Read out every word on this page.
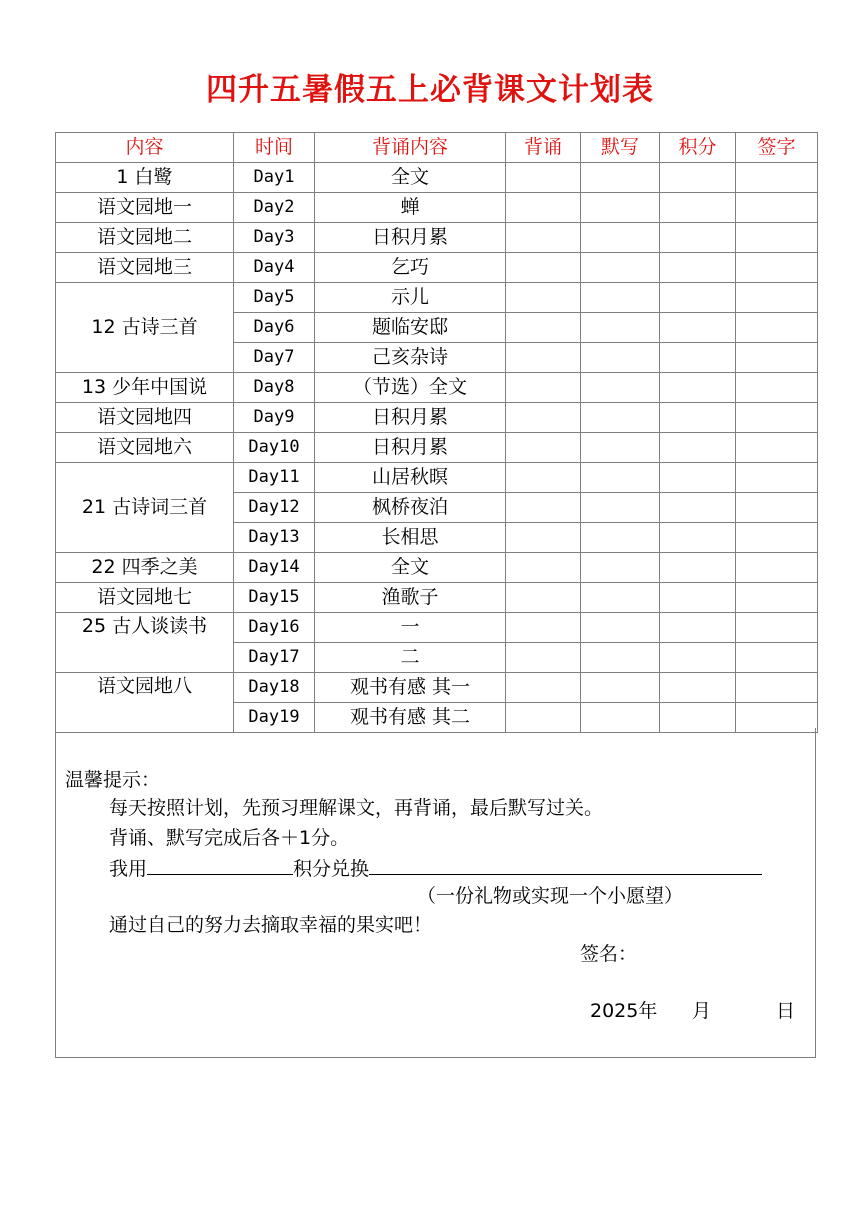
四升五暑假五上必背课文计划表
内容	时间	背诵内容	背诵	默写	积分	签字
1 白鹭	Day1	全文				
语文园地一	Day2	蝉				
语文园地二	Day3	日积月累				
语文园地三	Day4	乞巧				
12 古诗三首	Day5	示儿				
	Day6	题临安邸				
	Day7	己亥杂诗				
13 少年中国说	Day8	（节选）全文				
语文园地四	Day9	日积月累				
语文园地六	Day10	日积月累				
21 古诗词三首	Day11	山居秋暝				
	Day12	枫桥夜泊				
	Day13	长相思				
22 四季之美	Day14	全文				
语文园地七	Day15	渔歌子				
25 古人谈读书	Day16	一				
	Day17	二				
语文园地八	Day18	观书有感 其一				
	Day19	观书有感 其二				
温馨提示：
每天按照计划，先预习理解课文，再背诵，最后默写过关。
背诵、默写完成后各＋1分。
我用	积分兑换
（一份礼物或实现一个小愿望）
通过自己的努力去摘取幸福的果实吧！
签名：
2025年 月	日
